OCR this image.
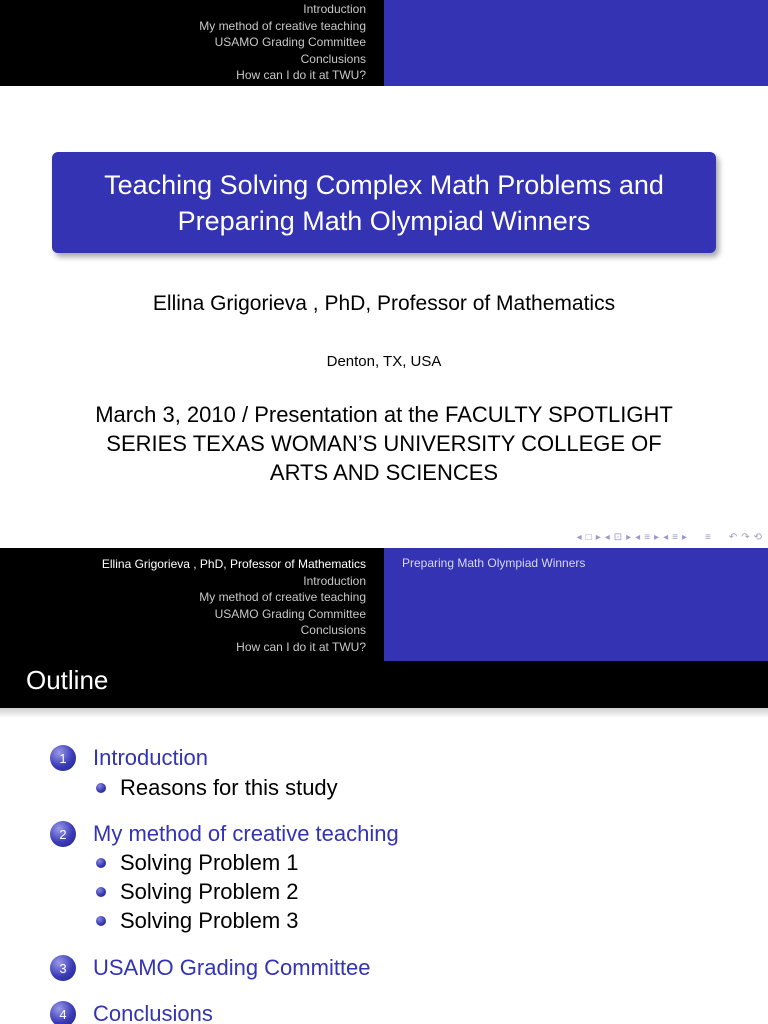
Introduction
My method of creative teaching
USAMO Grading Committee
Conclusions
How can I do it at TWU?
Teaching Solving Complex Math Problems and
Preparing Math Olympiad Winners
Ellina Grigorieva , PhD, Professor of Mathematics
Denton, TX, USA
March 3, 2010 / Presentation at the FACULTY SPOTLIGHT
SERIES TEXAS WOMAN’S UNIVERSITY COLLEGE OF
ARTS AND SCIENCES
◂ □ ▸ ◂ ⊡ ▸ ◂ ≡ ▸ ◂ ≡ ▸ ≡ ↶ ↷ ⟲
Ellina Grigorieva , PhD, Professor of Mathematics
Introduction
My method of creative teaching
USAMO Grading Committee
Conclusions
How can I do it at TWU?
Preparing Math Olympiad Winners
Outline
1	Introduction
Reasons for this study
2	My method of creative teaching
Solving Problem 1
Solving Problem 2
Solving Problem 3
3	USAMO Grading Committee
4	Conclusions
